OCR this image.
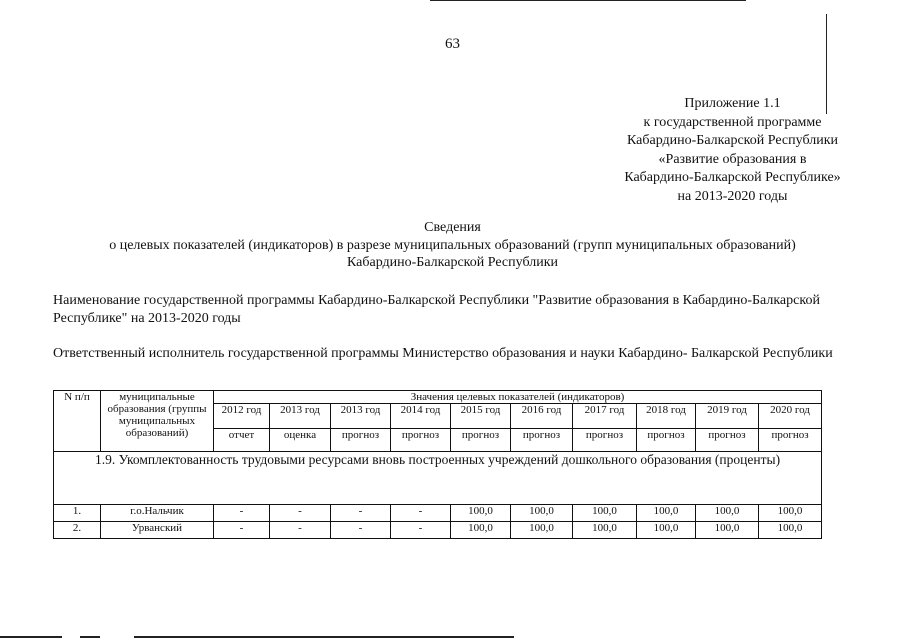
63
Приложение 1.1
к государственной программе
Кабардино-Балкарской Республики
«Развитие образования в
Кабардино-Балкарской Республике»
на 2013-2020 годы
Сведения
о целевых показателей (индикаторов) в разрезе муниципальных образований (групп муниципальных образований)
Кабардино-Балкарской Республики
Наименование государственной программы Кабардино-Балкарской Республики "Развитие образования в Кабардино-Балкарской Республике" на 2013-2020 годы
Ответственный исполнитель государственной программы Министерство образования и науки Кабардино- Балкарской Республики
N п/п	муниципальные образования (группы муниципальных образований)	Значения целевых показателей (индикаторов)									
		2012 год	2013 год	2013 год	2014 год	2015 год	2016 год	2017 год	2018 год	2019 год	2020 год
		отчет	оценка	прогноз	прогноз	прогноз	прогноз	прогноз	прогноз	прогноз	прогноз
1.9. Укомплектованность трудовыми ресурсами вновь построенных учреждений дошкольного образования (проценты)											
1.	г.о.Нальчик	-	-	-	-	100,0	100,0	100,0	100,0	100,0	100,0
2.	Урванский	-	-	-	-	100,0	100,0	100,0	100,0	100,0	100,0
